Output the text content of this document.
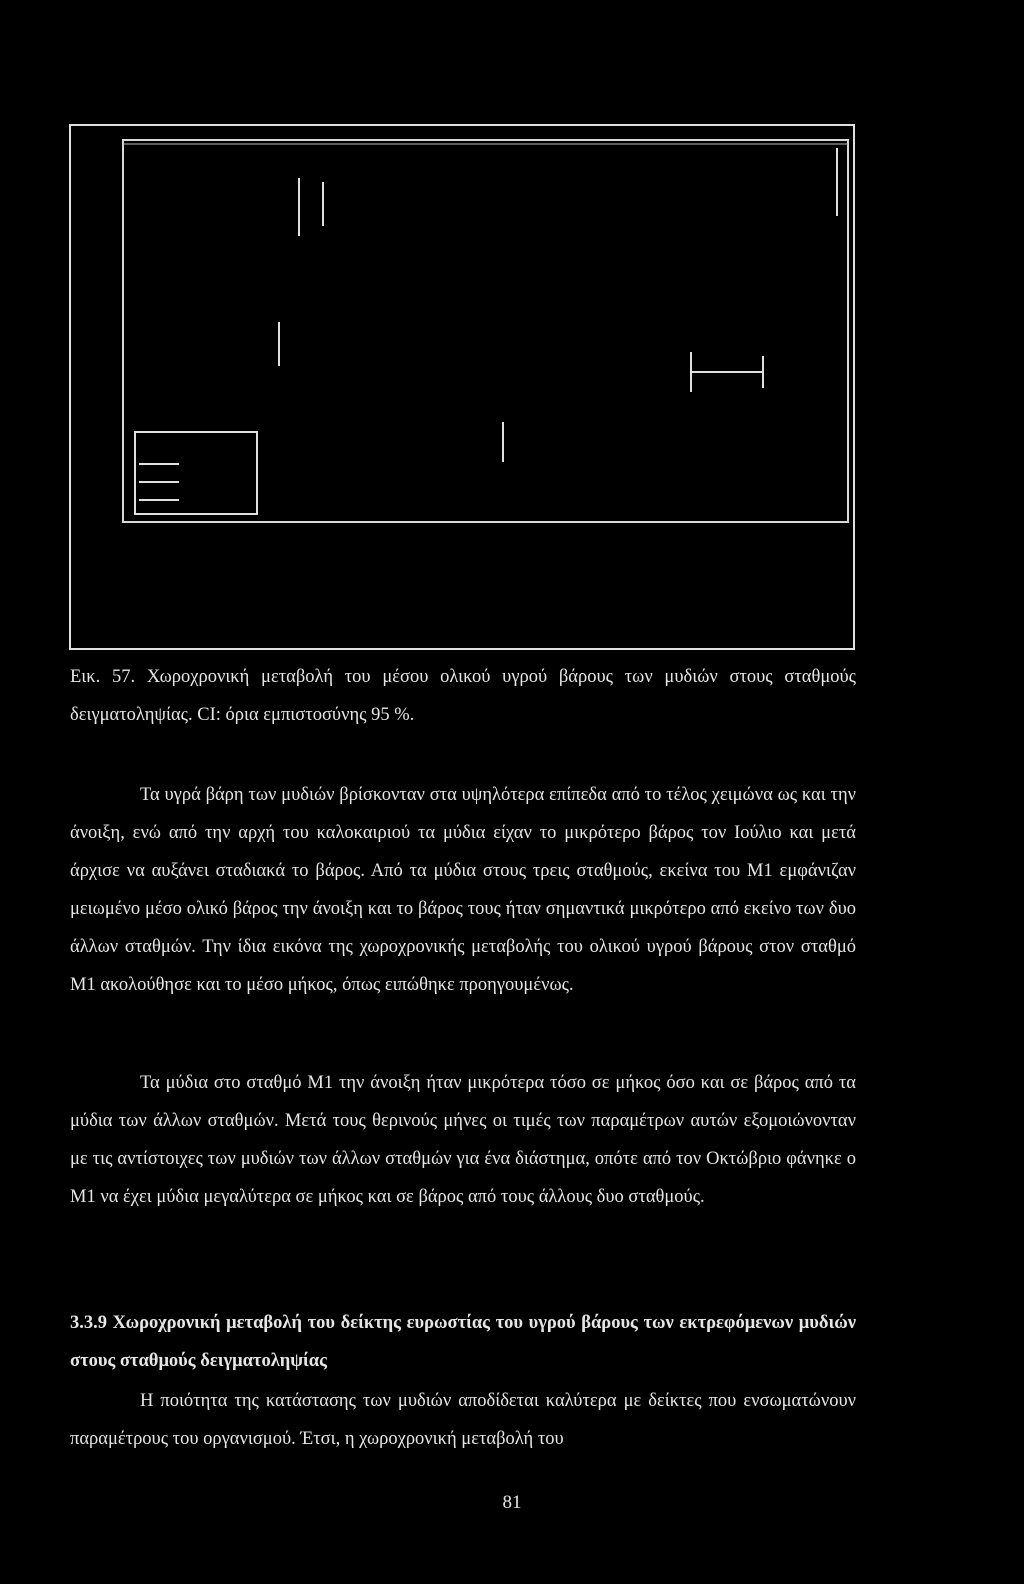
Εικ. 57. Χωροχρονική μεταβολή του μέσου ολικού υγρού βάρους των μυδιών στους σταθμούς δειγματοληψίας. CI: όρια εμπιστοσύνης 95 %.

Τα υγρά βάρη των μυδιών βρίσκονταν στα υψηλότερα επίπεδα από το τέλος χειμώνα ως και την άνοιξη, ενώ από την αρχή του καλοκαιριού τα μύδια είχαν το μικρότερο βάρος τον Ιούλιο και μετά άρχισε να αυξάνει σταδιακά το βάρος. Από τα μύδια στους τρεις σταθμούς, εκείνα του Μ1 εμφάνιζαν μειωμένο μέσο ολικό βάρος την άνοιξη και το βάρος τους ήταν σημαντικά μικρότερο από εκείνο των δυο άλλων σταθμών. Την ίδια εικόνα της χωροχρονικής μεταβολής του ολικού υγρού βάρους στον σταθμό Μ1 ακολούθησε και το μέσο μήκος, όπως ειπώθηκε προηγουμένως.

Τα μύδια στο σταθμό Μ1 την άνοιξη ήταν μικρότερα τόσο σε μήκος όσο και σε βάρος από τα μύδια των άλλων σταθμών. Μετά τους θερινούς μήνες οι τιμές των παραμέτρων αυτών εξομοιώνονταν με τις αντίστοιχες των μυδιών των άλλων σταθμών για ένα διάστημα, οπότε από τον Οκτώβριο φάνηκε ο Μ1 να έχει μύδια μεγαλύτερα σε μήκος και σε βάρος από τους άλλους δυο σταθμούς.

3.3.9 Χωροχρονική μεταβολή του δείκτης ευρωστίας του υγρού βάρους των εκτρεφόμενων μυδιών στους σταθμούς δειγματοληψίας

Η ποιότητα της κατάστασης των μυδιών αποδίδεται καλύτερα με δείκτες που ενσωματώνουν παραμέτρους του οργανισμού. Έτσι, η χωροχρονική μεταβολή του

81
